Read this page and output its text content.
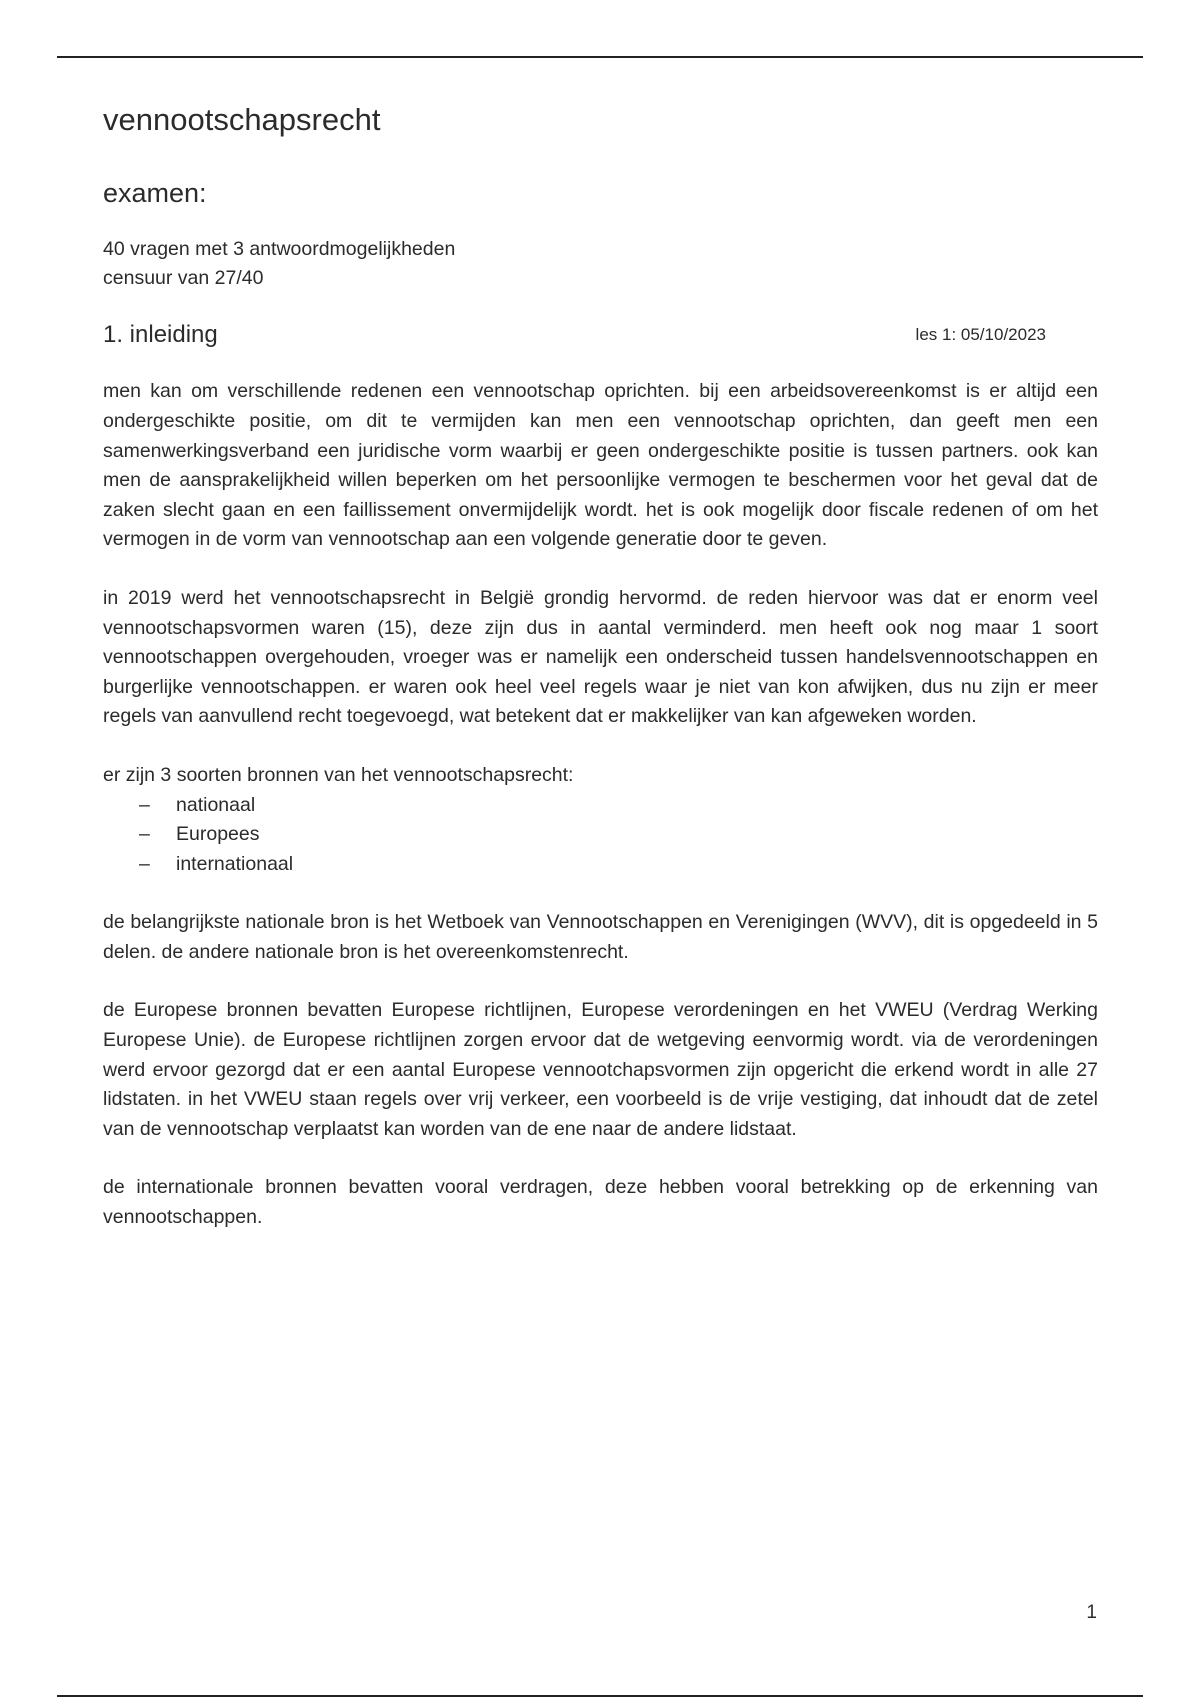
vennootschapsrecht
examen:
40 vragen met 3 antwoordmogelijkheden
censuur van 27/40
1. inleiding	les 1: 05/10/2023

men kan om verschillende redenen een vennootschap oprichten. bij een arbeidsovereenkomst is er altijd een ondergeschikte positie, om dit te vermijden kan men een vennootschap oprichten, dan geeft men een samenwerkingsverband een juridische vorm waarbij er geen ondergeschikte positie is tussen partners. ook kan men de aansprakelijkheid willen beperken om het persoonlijke vermogen te beschermen voor het geval dat de zaken slecht gaan en een faillissement onvermijdelijk wordt. het is ook mogelijk door fiscale redenen of om het vermogen in de vorm van vennootschap aan een volgende generatie door te geven.

in 2019 werd het vennootschapsrecht in België grondig hervormd. de reden hiervoor was dat er enorm veel vennootschapsvormen waren (15), deze zijn dus in aantal verminderd. men heeft ook nog maar 1 soort vennootschappen overgehouden, vroeger was er namelijk een onderscheid tussen handelsvennootschappen en burgerlijke vennootschappen. er waren ook heel veel regels waar je niet van kon afwijken, dus nu zijn er meer regels van aanvullend recht toegevoegd, wat betekent dat er makkelijker van kan afgeweken worden.

er zijn 3 soorten bronnen van het vennootschapsrecht:

– nationaal
– Europees
– internationaal

de belangrijkste nationale bron is het Wetboek van Vennootschappen en Verenigingen (WVV), dit is opgedeeld in 5 delen. de andere nationale bron is het overeenkomstenrecht.

de Europese bronnen bevatten Europese richtlijnen, Europese verordeningen en het VWEU (Verdrag Werking Europese Unie). de Europese richtlijnen zorgen ervoor dat de wetgeving eenvormig wordt. via de verordeningen werd ervoor gezorgd dat er een aantal Europese vennootchapsvormen zijn opgericht die erkend wordt in alle 27 lidstaten. in het VWEU staan regels over vrij verkeer, een voorbeeld is de vrije vestiging, dat inhoudt dat de zetel van de vennootschap verplaatst kan worden van de ene naar de andere lidstaat.

de internationale bronnen bevatten vooral verdragen, deze hebben vooral betrekking op de erkenning van vennootschappen.

1
